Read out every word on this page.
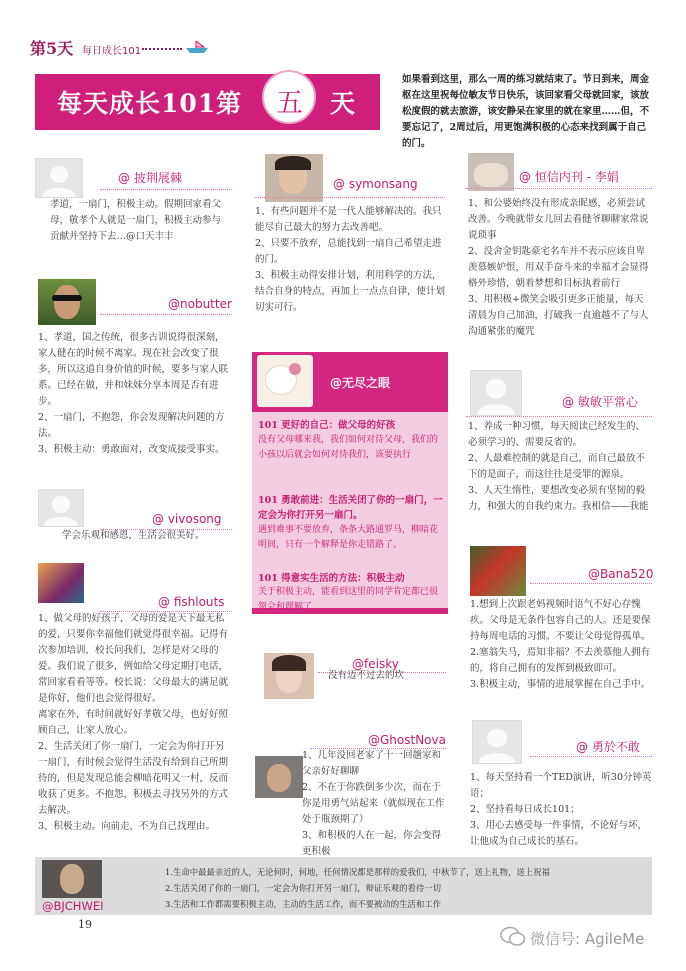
第5天 每日成长101
每天成长101第 五 天
如果看到这里，那么一周的练习就结束了。节日到来，周金枢在这里祝每位敏友节日快乐，该回家看父母就回家，该放松度假的就去旅游，该安静呆在家里的就在家里……但，不要忘记了，2周过后，用更饱满积极的心态来找到属于自己的门。
@ 披荆展棘
孝道，一扇门，积极主动。假期回家看父母，敬孝个人就是一扇门，积极主动参与贡献并坚持下去…@口天丰丰
@nobutter
1、孝道，国之传统，很多古训说得很深刻，家人健在的时候不离家。现在社会改变了很多，所以这道自身价值的时候，要多与家人联系。已经在做，并和妹妹分享本周是否有进步。
2、一扇门，不抱怨，你会发现解决问题的方法。
3、积极主动：勇敢面对，改变成接受事实。
@ vivosong
学会乐观和感恩，生活会很美好。
@ fishlouts
1、做父母的好孩子，父母的爱是天下最无私的爱，只要你幸福他们就觉得很幸福。记得有次参加培训，校长问我们，怎样是对父母的爱。我们说了很多，例如给父母定期打电话，常回家看看等等。校长说：父母最大的满足就是你好，他们也会觉得很好。
离家在外，有时间就好好孝敬父母，也好好照顾自己，让家人放心。
2、生活关闭了你一扇门，一定会为你打开另一扇门，有时候会觉得生活没有给到自己所期待的，但是发现总能会柳暗花明又一村，反而收获了更多。不抱怨，积极去寻找另外的方式去解决。
3、积极主动。向前走，不为自己找理由。
@ symonsang
1、有些问题并不是一代人能够解决的。我只能尽自己最大的努力去改善吧。
2、只要不放弃，总能找到一扇自己希望走进的门。
3、积极主动得安排计划，利用科学的方法，结合自身的特点，再加上一点点自律，使计划切实可行。
@无尽之眼
101 更好的自己：做父母的好孩
没有父母哪来我，我们如何对待父母，我们的小孩以后就会如何对待我们，该要执行
101 勇敢前进：生活关闭了你的一扇门，一定会为你打开另一扇门。
遇到难事不要放弃，条条大路通罗马，柳暗花明间，只有一个解释是你走错路了。
101 得意实生活的方法：积极主动
关于积极主动，能看到这里的同学肯定都已很领会和理解了
@feisky
没有迈不过去的坎
@GhostNova
1、几年没回老家了十一回趟家和父亲好好聊聊
2、不在于你跌倒多少次，而在于你是用勇气站起来（就似现在工作处于瓶颈期了）
3、和积极的人在一起，你会变得更积极
@ 恒信内刊 - 李娟
1、和公婆始终没有形成亲昵感，必须尝试改善。今晚就带女儿回去看健爷聊聊家常说说琐事
2、没舍金钥匙豪宅名车并不表示应该自卑羡慕嫉妒恨，用双手奋斗来的幸福才会显得格外珍惜，朝着梦想和目标执着前行
3、用积极+微笑会吸引更多正能量，每天清晨为自己加油，打破我一直逾越不了与人沟通紧张的魔咒
@ 敏敏平常心
1、养成一种习惯，每天阅读已经发生的、必须学习的、需要反省的。
2、人最难控制的就是自己，而自己最放不下的是面子，而这往往是受罪的源泉。
3、人天生惰性，要想改变必须有坚韧的毅力，和强大的自我约束力。我相信——我能
@Bana520
1.想到上次跟老妈视频时语气不好心存愧疚。父母是无条件包容自己的人。还是要保持每周电话的习惯。不要让父母觉得孤单。
2.塞翁失马，焉知非福？不去羡慕他人拥有的，将自己拥有的发挥到极致即可。
3.积极主动，事情的进展掌握在自己手中。
@ 勇於不敢
1、每天坚持看一个TED演讲，听30分钟英语；
2、坚持看每日成长101；
3、用心去感受每一件事情，不论好与坏，让他成为自己成长的基石。
@BJCHWEI
1.生命中最最亲近的人，无论何时，何地，任何情况都是那样的爱我们，中秋节了，送上礼物，送上祝福
2.生活关闭了你的一扇门，一定会为你打开另一扇门，辩证乐观的看待一切
3.生活和工作都需要积极主动，主动的生活工作，而不要被动的生活和工作
19
微信号: AgileMe
